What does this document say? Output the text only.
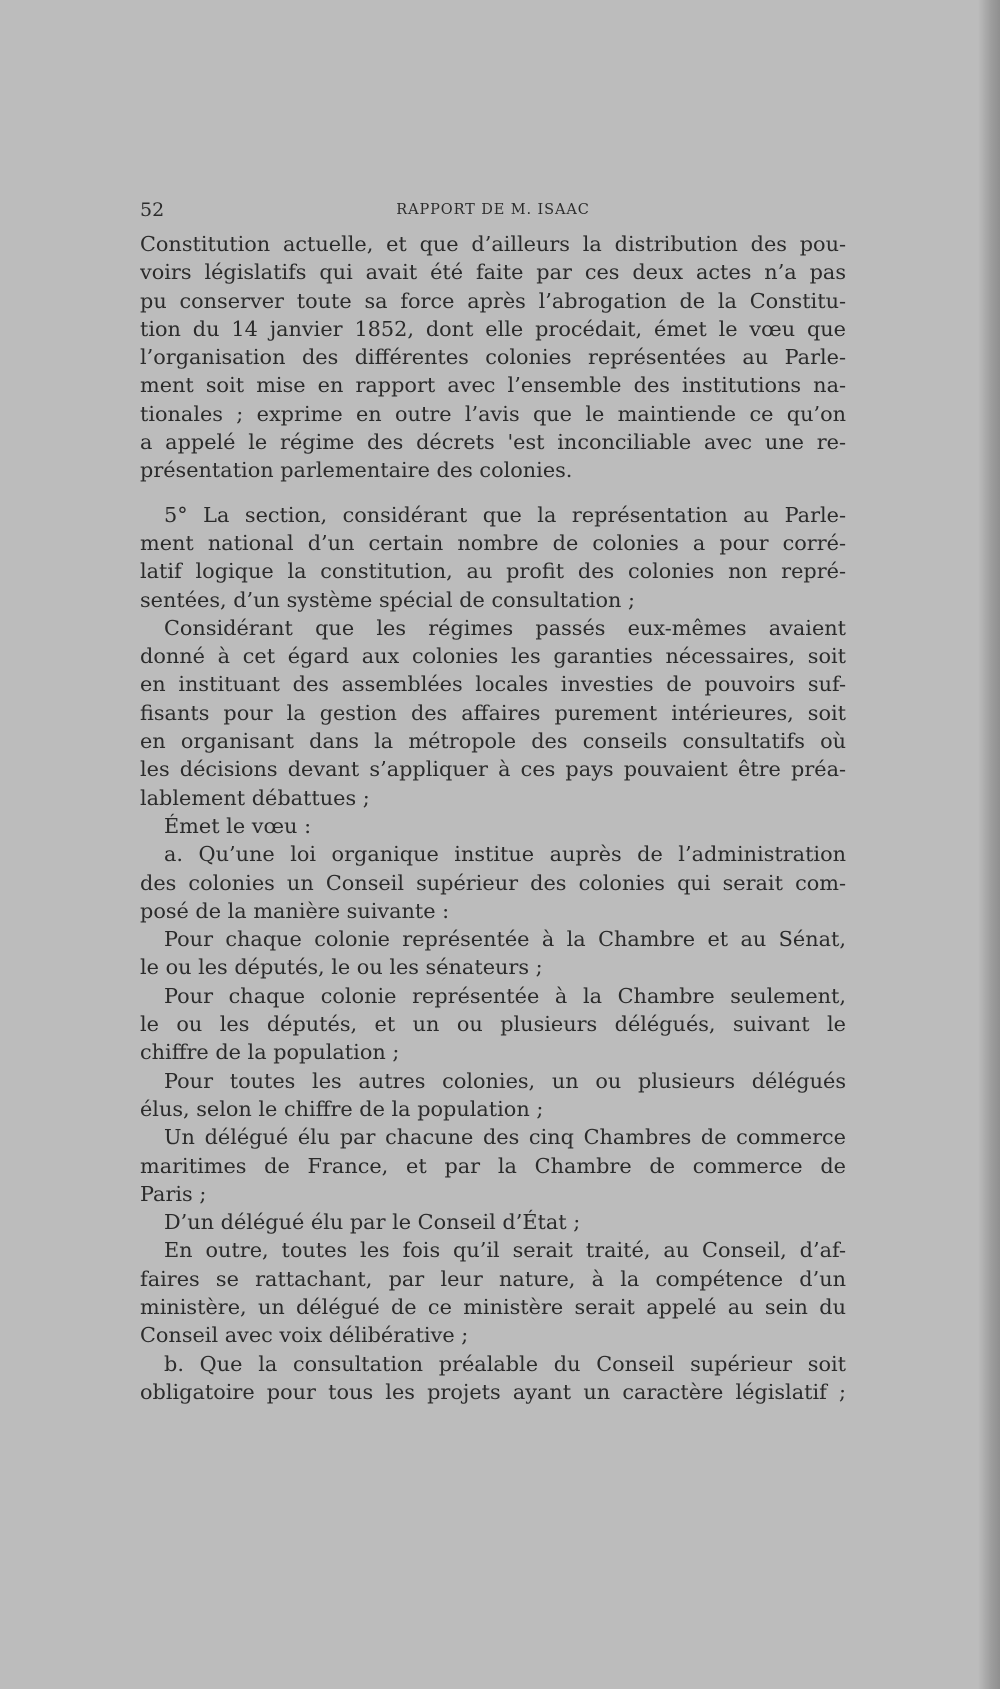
52	RAPPORT DE M. ISAAC
Constitution actuelle, et que d’ailleurs la distribution des pou-
voirs législatifs qui avait été faite par ces deux actes n’a pas
pu conserver toute sa force après l’abrogation de la Constitu-
tion du 14 janvier 1852, dont elle procédait, émet le vœu que
l’organisation des différentes colonies représentées au Parle-
ment soit mise en rapport avec l’ensemble des institutions na-
tionales ; exprime en outre l’avis que le maintiende ce qu’on
a appelé le régime des décrets 'est inconciliable avec une re-
présentation parlementaire des colonies.
5° La section, considérant que la représentation au Parle-
ment national d’un certain nombre de colonies a pour corré-
latif logique la constitution, au profit des colonies non repré-
sentées, d’un système spécial de consultation ;
Considérant que les régimes passés eux-mêmes avaient
donné à cet égard aux colonies les garanties nécessaires, soit
en instituant des assemblées locales investies de pouvoirs suf-
fisants pour la gestion des affaires purement intérieures, soit
en organisant dans la métropole des conseils consultatifs où
les décisions devant s’appliquer à ces pays pouvaient être préa-
lablement débattues ;
Émet le vœu :
a. Qu’une loi organique institue auprès de l’administration
des colonies un Conseil supérieur des colonies qui serait com-
posé de la manière suivante :
Pour chaque colonie représentée à la Chambre et au Sénat,
le ou les députés, le ou les sénateurs ;
Pour chaque colonie représentée à la Chambre seulement,
le ou les députés, et un ou plusieurs délégués, suivant le
chiffre de la population ;
Pour toutes les autres colonies, un ou plusieurs délégués
élus, selon le chiffre de la population ;
Un délégué élu par chacune des cinq Chambres de commerce
maritimes de France, et par la Chambre de commerce de
Paris ;
D’un délégué élu par le Conseil d’État ;
En outre, toutes les fois qu’il serait traité, au Conseil, d’af-
faires se rattachant, par leur nature, à la compétence d’un
ministère, un délégué de ce ministère serait appelé au sein du
Conseil avec voix délibérative ;
b. Que la consultation préalable du Conseil supérieur soit
obligatoire pour tous les projets ayant un caractère législatif ;
